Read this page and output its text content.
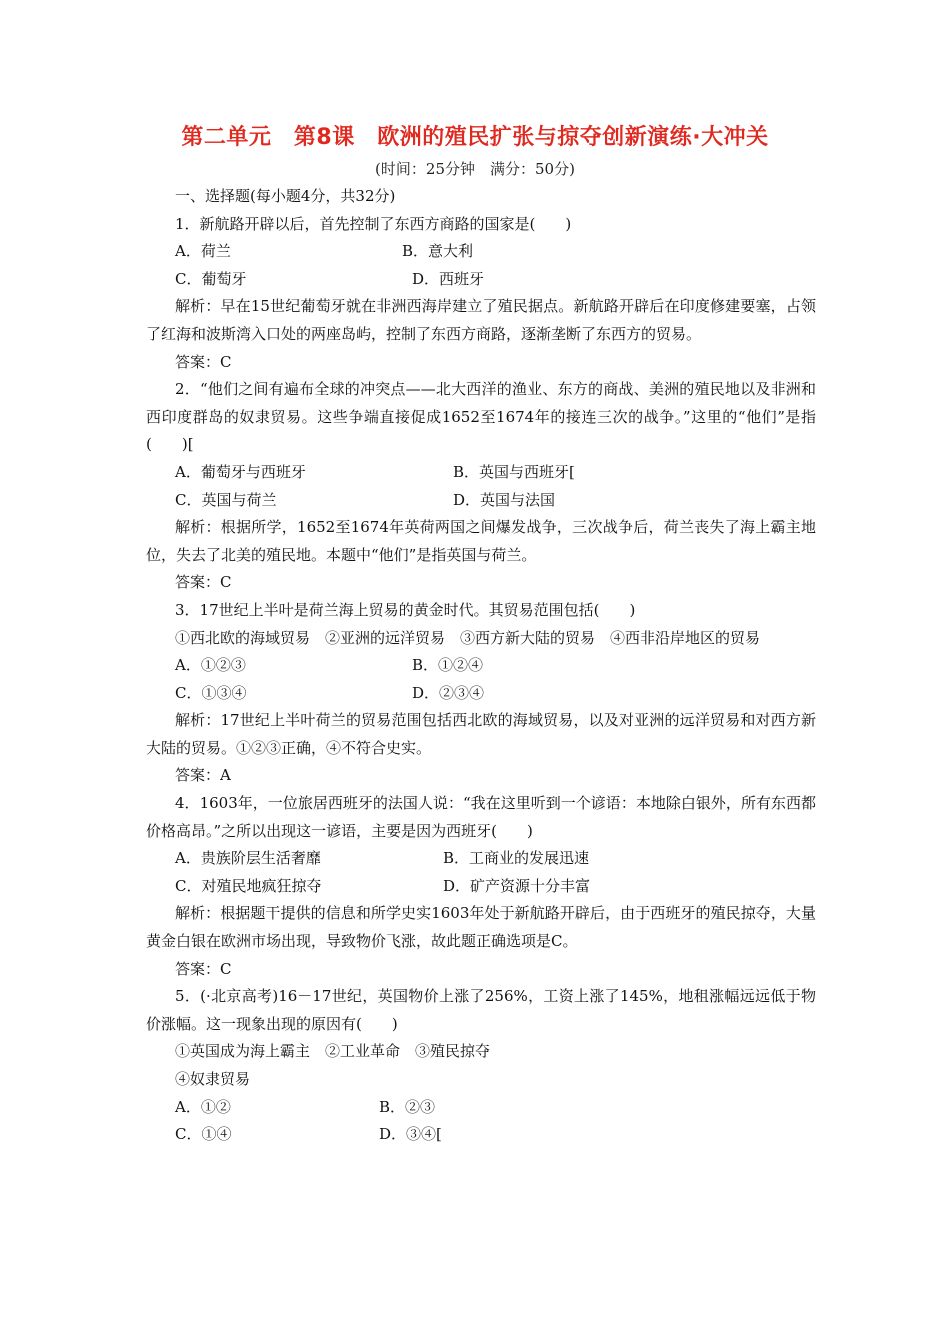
第二单元　第8课　欧洲的殖民扩张与掠夺创新演练·大冲关
(时间：25分钟　满分：50分)
一、选择题(每小题4分，共32分)
1．新航路开辟以后，首先控制了东西方商路的国家是(　　)
A．荷兰	B．意大利
C．葡萄牙	D．西班牙
解析：早在15世纪葡萄牙就在非洲西海岸建立了殖民据点。新航路开辟后在印度修建要塞，占领了红海和波斯湾入口处的两座岛屿，控制了东西方商路，逐渐垄断了东西方的贸易。
答案：C
2．“他们之间有遍布全球的冲突点——北大西洋的渔业、东方的商战、美洲的殖民地以及非洲和西印度群岛的奴隶贸易。这些争端直接促成1652至1674年的接连三次的战争。”这里的“他们”是指(　　)[
A．葡萄牙与西班牙	B．英国与西班牙[
C．英国与荷兰	D．英国与法国
解析：根据所学，1652至1674年英荷两国之间爆发战争，三次战争后，荷兰丧失了海上霸主地位，失去了北美的殖民地。本题中“他们”是指英国与荷兰。
答案：C
3．17世纪上半叶是荷兰海上贸易的黄金时代。其贸易范围包括(　　)
①西北欧的海域贸易　②亚洲的远洋贸易　③西方新大陆的贸易　④西非沿岸地区的贸易
A．①②③	B．①②④
C．①③④	D．②③④
解析：17世纪上半叶荷兰的贸易范围包括西北欧的海域贸易，以及对亚洲的远洋贸易和对西方新大陆的贸易。①②③正确，④不符合史实。
答案：A
4．1603年，一位旅居西班牙的法国人说：“我在这里听到一个谚语：本地除白银外，所有东西都价格高昂。”之所以出现这一谚语，主要是因为西班牙(　　)
A．贵族阶层生活奢靡	B．工商业的发展迅速
C．对殖民地疯狂掠夺	D．矿产资源十分丰富
解析：根据题干提供的信息和所学史实1603年处于新航路开辟后，由于西班牙的殖民掠夺，大量黄金白银在欧洲市场出现，导致物价飞涨，故此题正确选项是C。
答案：C
5．(·北京高考)16－17世纪，英国物价上涨了256%，工资上涨了145%，地租涨幅远远低于物价涨幅。这一现象出现的原因有(　　)
①英国成为海上霸主　②工业革命　③殖民掠夺
④奴隶贸易
A．①②	B．②③
C．①④	D．③④[
